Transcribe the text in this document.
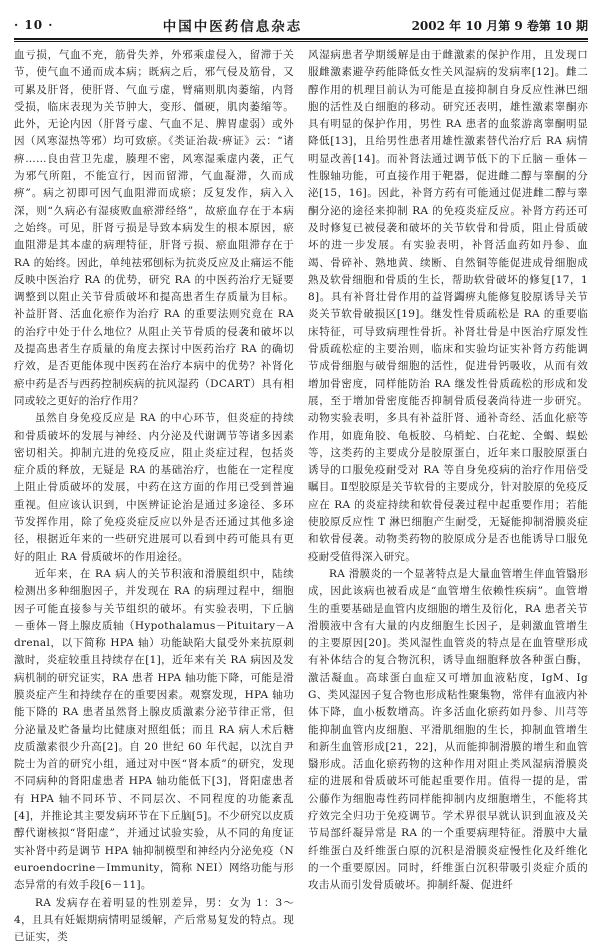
· 10 ·	中国中医药信息杂志	2002 年 10 月第 9 卷第 10 期

血亏损，气血不充，筋骨失养，外邪乘虚侵入，留滞于关节，使气血不通而成本病；既病之后，邪气侵及筋骨，又可累及肝肾，使肝肾、气血亏虚，臂痛则肌肉萎缩，内肾受损，临床表现为关节肿大，变形、僵硬，肌肉萎缩等。此外，无论内因（肝肾亏虚、气血不足、脾胃虚弱）或外因（风寒湿热等邪）均可致瘀。《类证治裁·痹证》云：“诸痹……良由营卫先虚，腠理不密，风寒湿乘虚内袭，正气为邪气所阻，不能宣行，因而留滞，气血凝滞，久而成痹”。病之初即可因气血阻滞而成瘀；反复发作，病入入深，则“久病必有湿痰败血瘀滞经络”，故瘀血存在于本病之始终。可见，肝肾亏损是导致本病发生的根本原因，瘀血阻滞是其本虚的病理特征，肝肾亏损、瘀血阻滞存在于 RA 的始终。因此，单纯祛邪刨标为抗炎反应及止痛运不能反映中医治疗 RA 的优势，研究 RA 的中医药治疗无疑要调整到以阻止关节骨质破坏和提高患者生存质量为目标。补益肝肾、活血化瘀作为治疗 RA 的重要法则究竟在 RA 的治疗中处于什么地位？从阻止关节骨质的侵袭和破坏以及提高患者生存质量的角度去探讨中医药治疗 RA 的确切疗效，是否更能体现中医药在治疗本病中的优势？补肾化瘀中药是否与西药控制疾病的抗风湿药（DCART）具有相同或较之更好的治疗作用？

虽然自身免疫反应是 RA 的中心环节，但炎症的持续和骨质破坏的发展与神经、内分泌及代谢调节等诸多因素密切相关。抑制亢进的免疫反应，阻止炎症过程，包括炎症介质的释放，无疑是 RA 的基础治疗，也能在一定程度上阻止骨质破坏的发展，中药在这方面的作用已受到普遍重视。但应该认识到，中医辨证论治是通过多途径、多环节发挥作用，除了免疫炎症反应以外是否还通过其他多途径，根据近年来的一些研究进展可以看到中药可能具有更好的阻止 RA 骨质破坏的作用途径。

近年来，在 RA 病人的关节积液和滑膜组织中，陆续检测出多种细胞因子，并发现在 RA 的病理过程中，细胞因子可能直接参与关节组织的破坏。有实验表明，下丘脑－垂体－肾上腺皮质轴（Hypothalamus－Pituitary－Adrenal，以下简称 HPA 轴）功能缺陷大鼠受外来抗原刺激时，炎症较重且持续存在[1]，近年来有关 RA 病因及发病机制的研究证实，RA 患者 HPA 轴功能下降，可能是滑膜炎症产生和持续存在的重要因素。观察发现，HPA 轴功能下降的 RA 患者虽然肾上腺皮质激素分泌节律正常，但分泌量及贮备量均比健康对照组低；而且 RA 病人术后糖皮质激素很少升高[2]。自 20 世纪 60 年代起，以沈自尹院士为首的研究小组，通过对中医“肾本质”的研究，发现不同病种的肾阳虚患者 HPA 轴功能低下[3]，肾阳虚患者有 HPA 轴不同环节、不同层次、不同程度的功能紊乱[4]，并推论其主要发病环节在下丘脑[5]。不少研究以皮质醇代谢核拟“肾阳虚”，并通过试验实验，从不同的角度证实补肾中药是调节 HPA 轴抑制模型和神经内分泌免疫（Neuroendocrine－Immunity，简称 NEI）网络功能与形态异常的有效手段[6－11]。

RA 发病存在着明显的性别差异，男：女为 1：3～4，且具有妊娠期病情明显缓解，产后常易复发的特点。现已证实，类

风湿病患者孕期缓解是由于雌激素的保护作用，且发现口服雌激素避孕药能降低女性关风湿病的发病率[12]。雌二醇作用的机理目前认为可能是直接抑制自身反应性淋巴细胞的活性及白细胞的移动。研究还表明，雄性激素睾酮亦具有明显的保护作用，男性 RA 患者的血浆游离睾酮明显降低[13]，且给男性患者用雄性激素替代治疗后 RA 病情明显改善[14]。而补肾法通过调节低下的下丘脑－垂体－性腺轴功能，可直接作用于靶器，促进雌二醇与睾酮的分泌[15，16]。因此，补肾方药有可能通过促进雌二醇与睾酮分泌的途径来抑制 RA 的免疫炎症反应。补肾方药还可及时修复已被侵袭和破坏的关节软骨和骨质，阻止骨质破坏的进一步发展。有实验表明，补肾活血药如丹参、血竭、骨碎补、熟地黄、续断、自然铜等能促进成骨细胞成熟及软骨细胞和骨质的生长，帮助软骨破坏的修复[17，18]。具有补肾壮骨作用的益肾蠲痹丸能修复胶原诱导关节炎关节软骨破损区[19]。继发性骨质疏松是 RA 的重要临床特征，可导致病理性骨折。补肾壮骨是中医治疗原发性骨质疏松症的主要治则，临床和实验均证实补肾方药能调节成骨细胞与破骨细胞的活性，促进骨钙吸收，从而有效增加骨密度，同样能防治 RA 继发性骨质疏松的形成和发展，至于增加骨密度能否抑制骨质侵袭尚待进一步研究。动物实验表明，多具有补益肝肾、通补奇经、活血化瘀等作用，如鹿角胶、龟板胶、乌梢蛇、白花蛇、全蝎、蜈蚣等，这类药的主要成分是胶原蛋白，近年来口服胶原蛋白诱导的口服免疫耐受对 RA 等自身免疫病的治疗作用倍受瞩目。Ⅱ型胶原是关节软骨的主要成分，针对胶原的免疫反应在 RA 的炎症持续和软骨侵袭过程中起重要作用；若能使胶原反应性 T 淋巴细胞产生耐受，无疑能抑制滑膜炎症和软骨侵袭。动物类药物的胶原成分是否也能诱导口服免疫耐受值得深入研究。

RA 滑膜炎的一个显著特点是大量血管增生伴血管翳形成，因此该病也被看成是“血管增生依赖性疾病”。血管增生的重要基础是血管内皮细胞的增生及衍化，RA 患者关节滑膜液中含有大量的内皮细胞生长因子，是刺激血管增生的主要原因[20]。类风湿性血管炎的特点是在血管壁形成有补体结合的复合物沉积，诱导血细胞释放各种蛋白酶，激活凝血。高球蛋白血症又可增加血液粘度，IgM、IgG、类风湿因子复合物也形成粘性聚集物，常伴有血液内补体下降，血小板数增高。许多活血化瘀药如丹参、川芎等能抑制血管内皮细胞、平滑肌细胞的生长，抑制血管增生和新生血管形成[21，22]，从而能抑制滑膜的增生和血管翳形成。活血化瘀药物的这种作用对阻止类风湿病滑膜炎症的进展和骨质破坏可能起重要作用。值得一提的是，雷公藤作为细胞毒性药同样能抑制内皮细胞增生，不能将其疗效完全归功于免疫调节。学术界很早就认识到血液及关节局部纤凝异常是 RA 的一个重要病理特征。滑膜中大量纤维蛋白及纤维蛋白原的沉积是滑膜炎症慢性化及纤维化的一个重要原因。同时，纤维蛋白沉积带吸引炎症介质的攻击从而引发骨质破坏。抑制纤凝、促进纤
